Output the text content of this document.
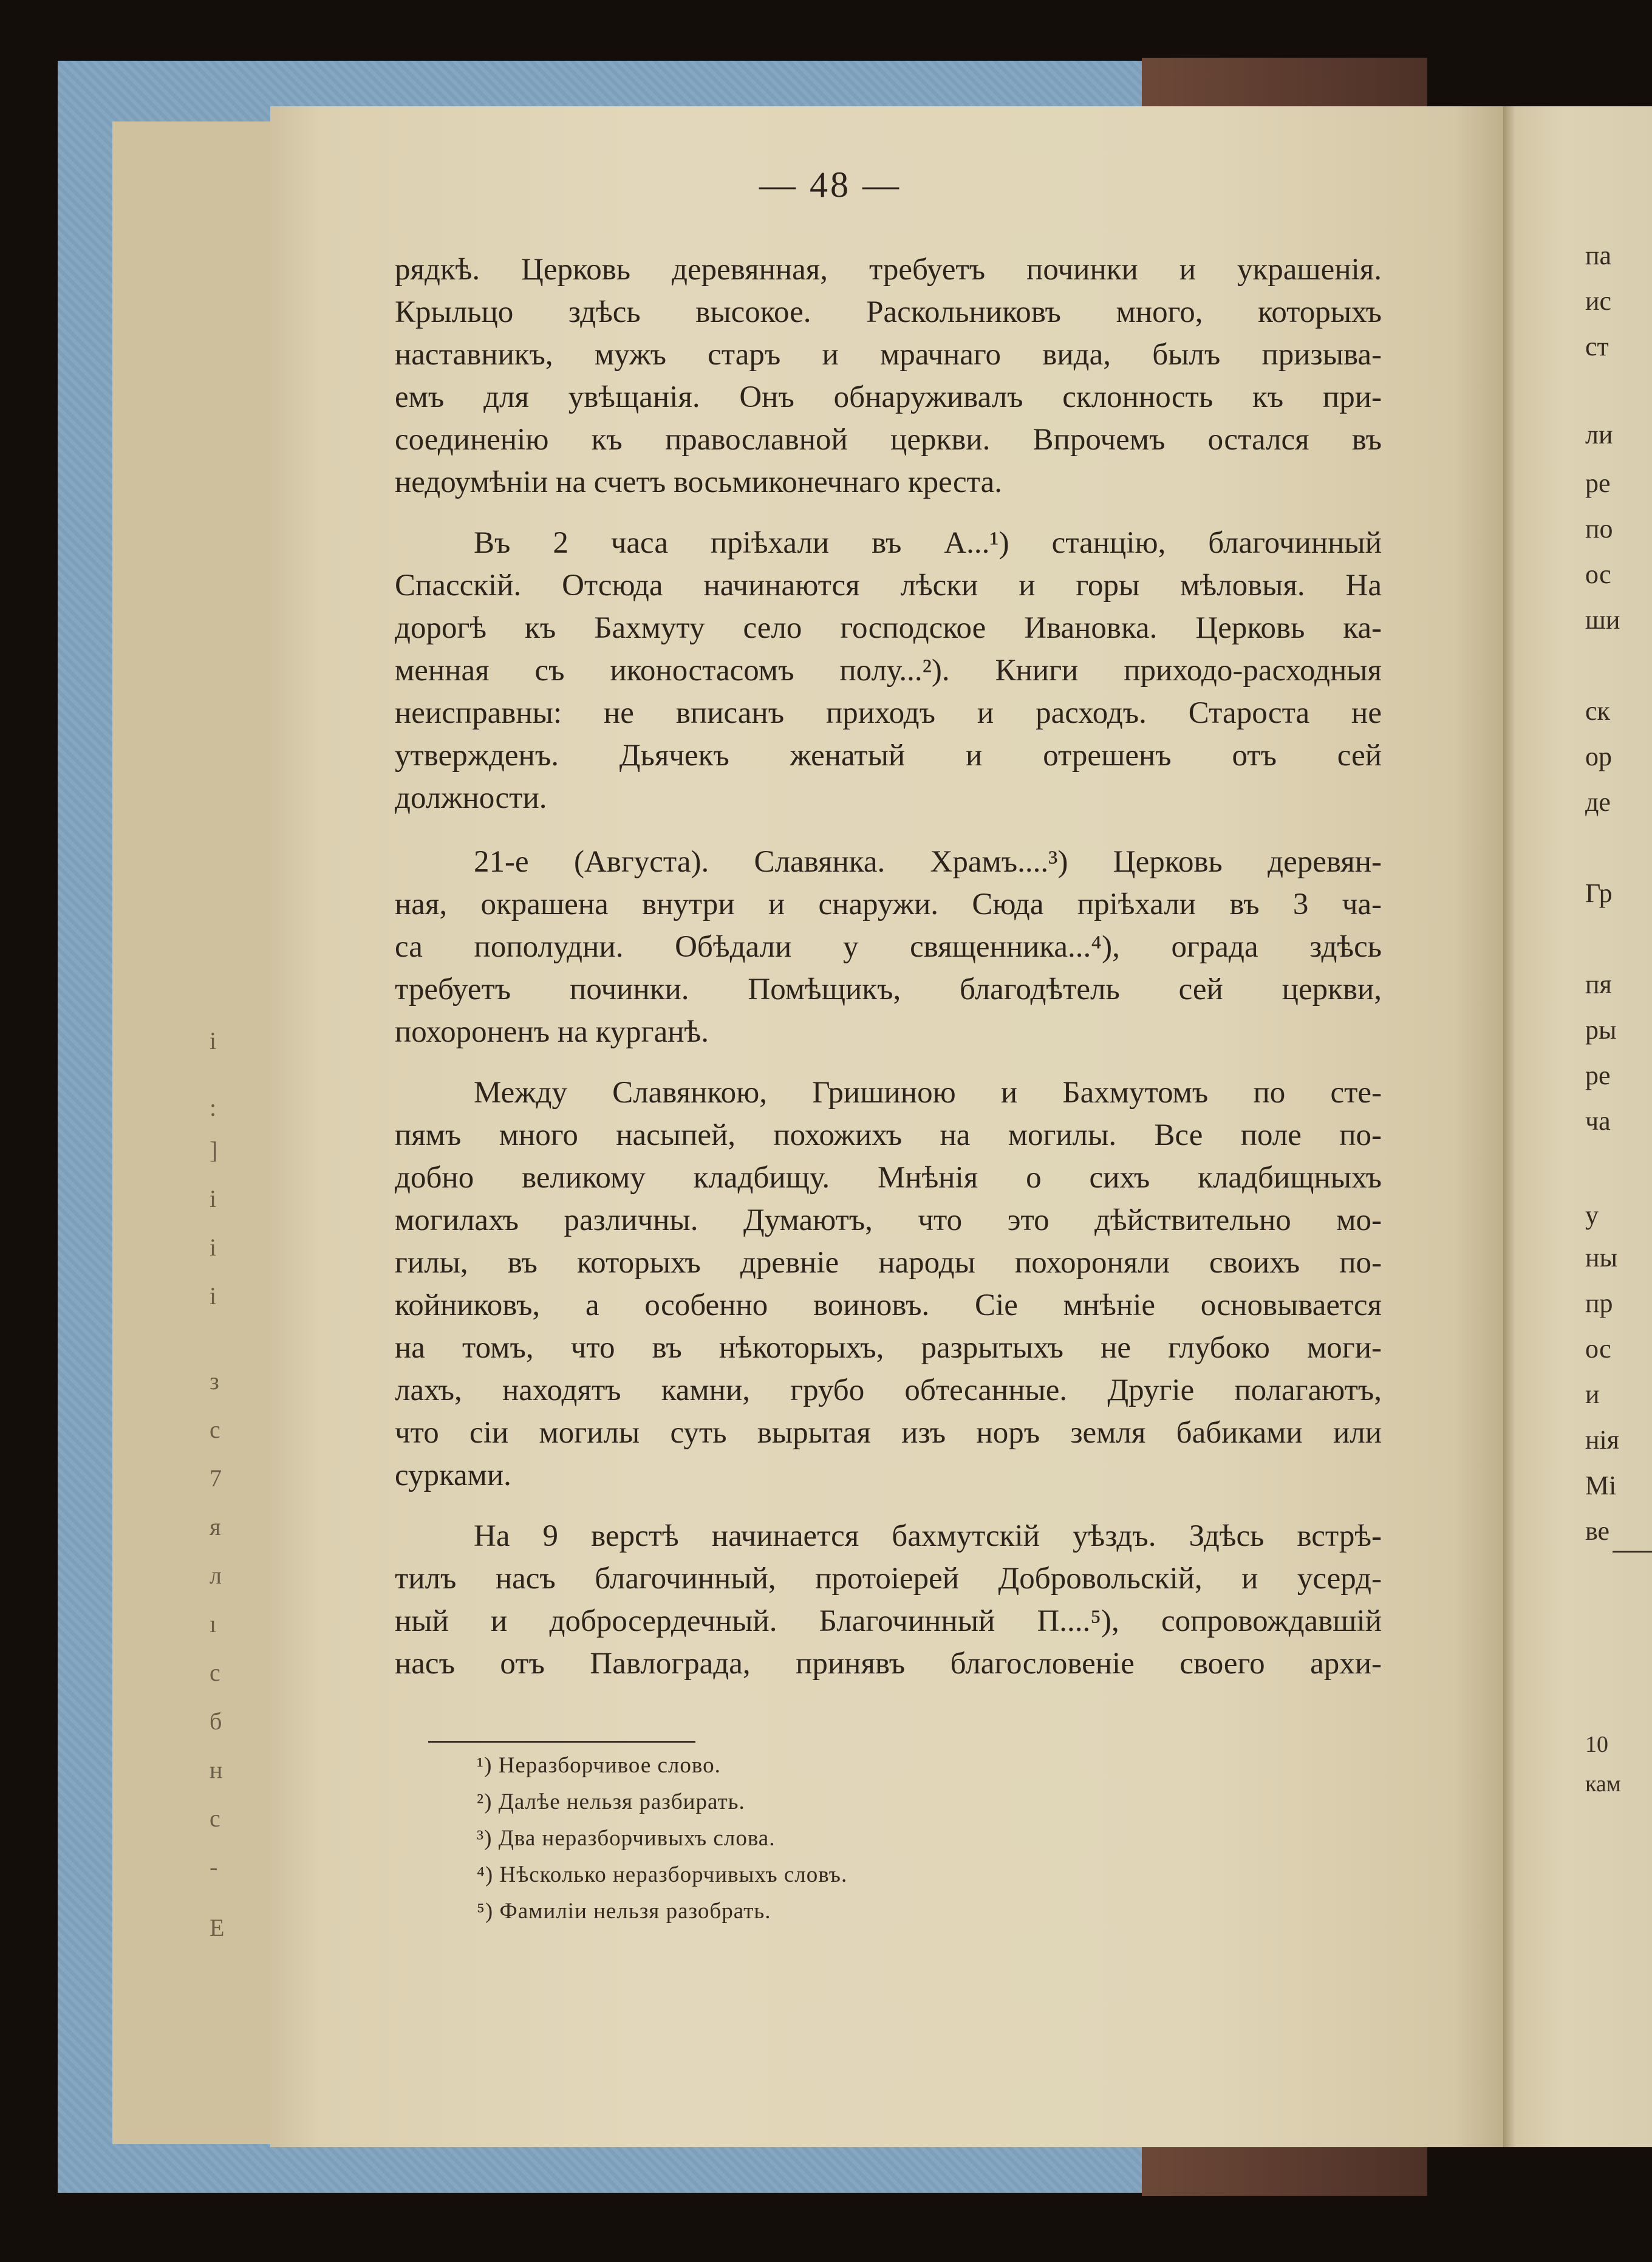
і
:
]
і
і
і
з
с
7
я
л
ı
с
б
н
с
-
Е
— 48 —
рядкѣ. Церковь деревянная, требуетъ починки и украшенія.
Крыльцо здѣсь высокое. Раскольниковъ много, которыхъ
наставникъ, мужъ старъ и мрачнаго вида, былъ призыва-
емъ для увѣщанія. Онъ обнаруживалъ склонность къ при-
соединенію къ православной церкви. Впрочемъ остался въ
недоумѣніи на счетъ восьмиконечнаго креста.
Въ 2 часа пріѣхали въ А...¹) станцію, благочинный
Спасскій. Отсюда начинаются лѣски и горы мѣловыя. На
дорогѣ къ Бахмуту село господское Ивановка. Церковь ка-
менная съ иконостасомъ полу...²). Книги приходо-расходныя
неисправны: не вписанъ приходъ и расходъ. Староста не
утвержденъ. Дьячекъ женатый и отрешенъ отъ сей
должности.
21-е (Августа). Славянка. Храмъ....³) Церковь деревян-
ная, окрашена внутри и снаружи. Сюда пріѣхали въ 3 ча-
са пополудни. Обѣдали у священника...⁴), ограда здѣсь
требуетъ починки. Помѣщикъ, благодѣтель сей церкви,
похороненъ на курганѣ.
Между Славянкою, Гришиною и Бахмутомъ по сте-
пямъ много насыпей, похожихъ на могилы. Все поле по-
добно великому кладбищу. Мнѣнія о сихъ кладбищныхъ
могилахъ различны. Думаютъ, что это дѣйствительно мо-
гилы, въ которыхъ древніе народы похороняли своихъ по-
койниковъ, а особенно воиновъ. Сіе мнѣніе основывается
на томъ, что въ нѣкоторыхъ, разрытыхъ не глубоко моги-
лахъ, находятъ камни, грубо обтесанные. Другіе полагаютъ,
что сіи могилы суть вырытая изъ норъ земля бабиками или
сурками.
На 9 верстѣ начинается бахмутскій уѣздъ. Здѣсь встрѣ-
тилъ насъ благочинный, протоіерей Добровольскій, и усерд-
ный и добросердечный. Благочинный П....⁵), сопровождавшій
насъ отъ Павлограда, принявъ благословеніе своего архи-
¹) Неразборчивое слово.
²) Далѣе нельзя разбирать.
³) Два неразборчивыхъ слова.
⁴) Нѣсколько неразборчивыхъ словъ.
⁵) Фамиліи нельзя разобрать.
па
ис
ст
ли
ре
по
ос
ши
ск
ор
де
Гр
пя
ры
ре
ча
у
ны
пр
ос
и
нія
Мі
ве
10
кам
